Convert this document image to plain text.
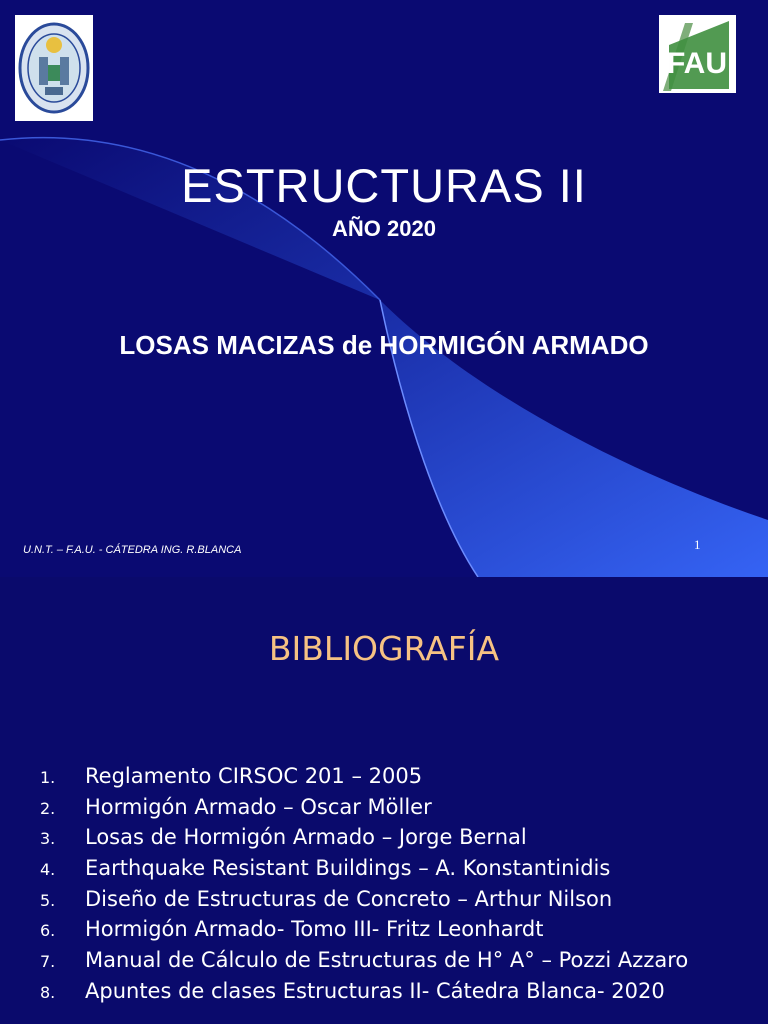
FAU
ESTRUCTURAS II
AÑO 2020
LOSAS MACIZAS de HORMIGÓN ARMADO
U.N.T. – F.A.U. - CÁTEDRA ING. R.BLANCA	1
BIBLIOGRAFÍA
1. Reglamento CIRSOC 201 – 2005
2. Hormigón Armado – Oscar Möller
3. Losas de Hormigón Armado – Jorge Bernal
4. Earthquake Resistant Buildings – A. Konstantinidis
5. Diseño de Estructuras de Concreto – Arthur Nilson
6. Hormigón Armado- Tomo III- Fritz Leonhardt
7. Manual de Cálculo de Estructuras de H° A° – Pozzi Azzaro
8. Apuntes de clases Estructuras II- Cátedra Blanca- 2020
